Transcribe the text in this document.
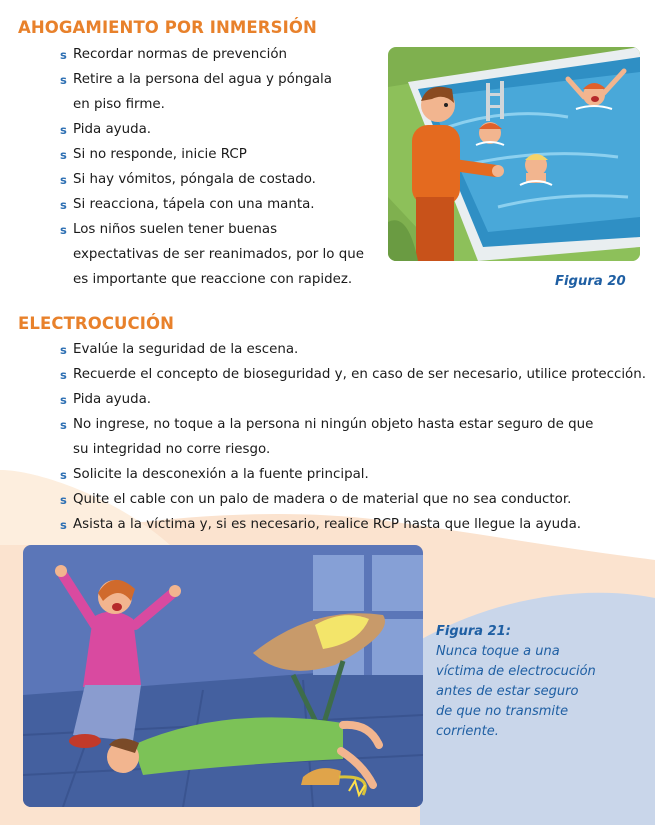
AHOGAMIENTO POR INMERSIÓN
s Recordar normas de prevención
s Retire a la persona del agua y póngala
en piso firme.
s Pida ayuda.
s Si no responde, inicie RCP
s Si hay vómitos, póngala de costado.
s Si reacciona, tápela con una manta.
s Los niños suelen tener buenas
expectativas de ser reanimados, por lo que
es importante que reaccione con rapidez.	Figura 20
ELECTROCUCIÓN
s Evalúe la seguridad de la escena.
s Recuerde el concepto de bioseguridad y, en caso de ser necesario, utilice protección.
s Pida ayuda.
s No ingrese, no toque a la persona ni ningún objeto hasta estar seguro de que
su integridad no corre riesgo.
s Solicite la desconexión a la fuente principal.
s Quite el cable con un palo de madera o de material que no sea conductor.
s Asista a la víctima y, si es necesario, realice RCP hasta que llegue la ayuda.
Figura 21:
Nunca toque a una
víctima de electrocución
antes de estar seguro
de que no transmite
corriente.
